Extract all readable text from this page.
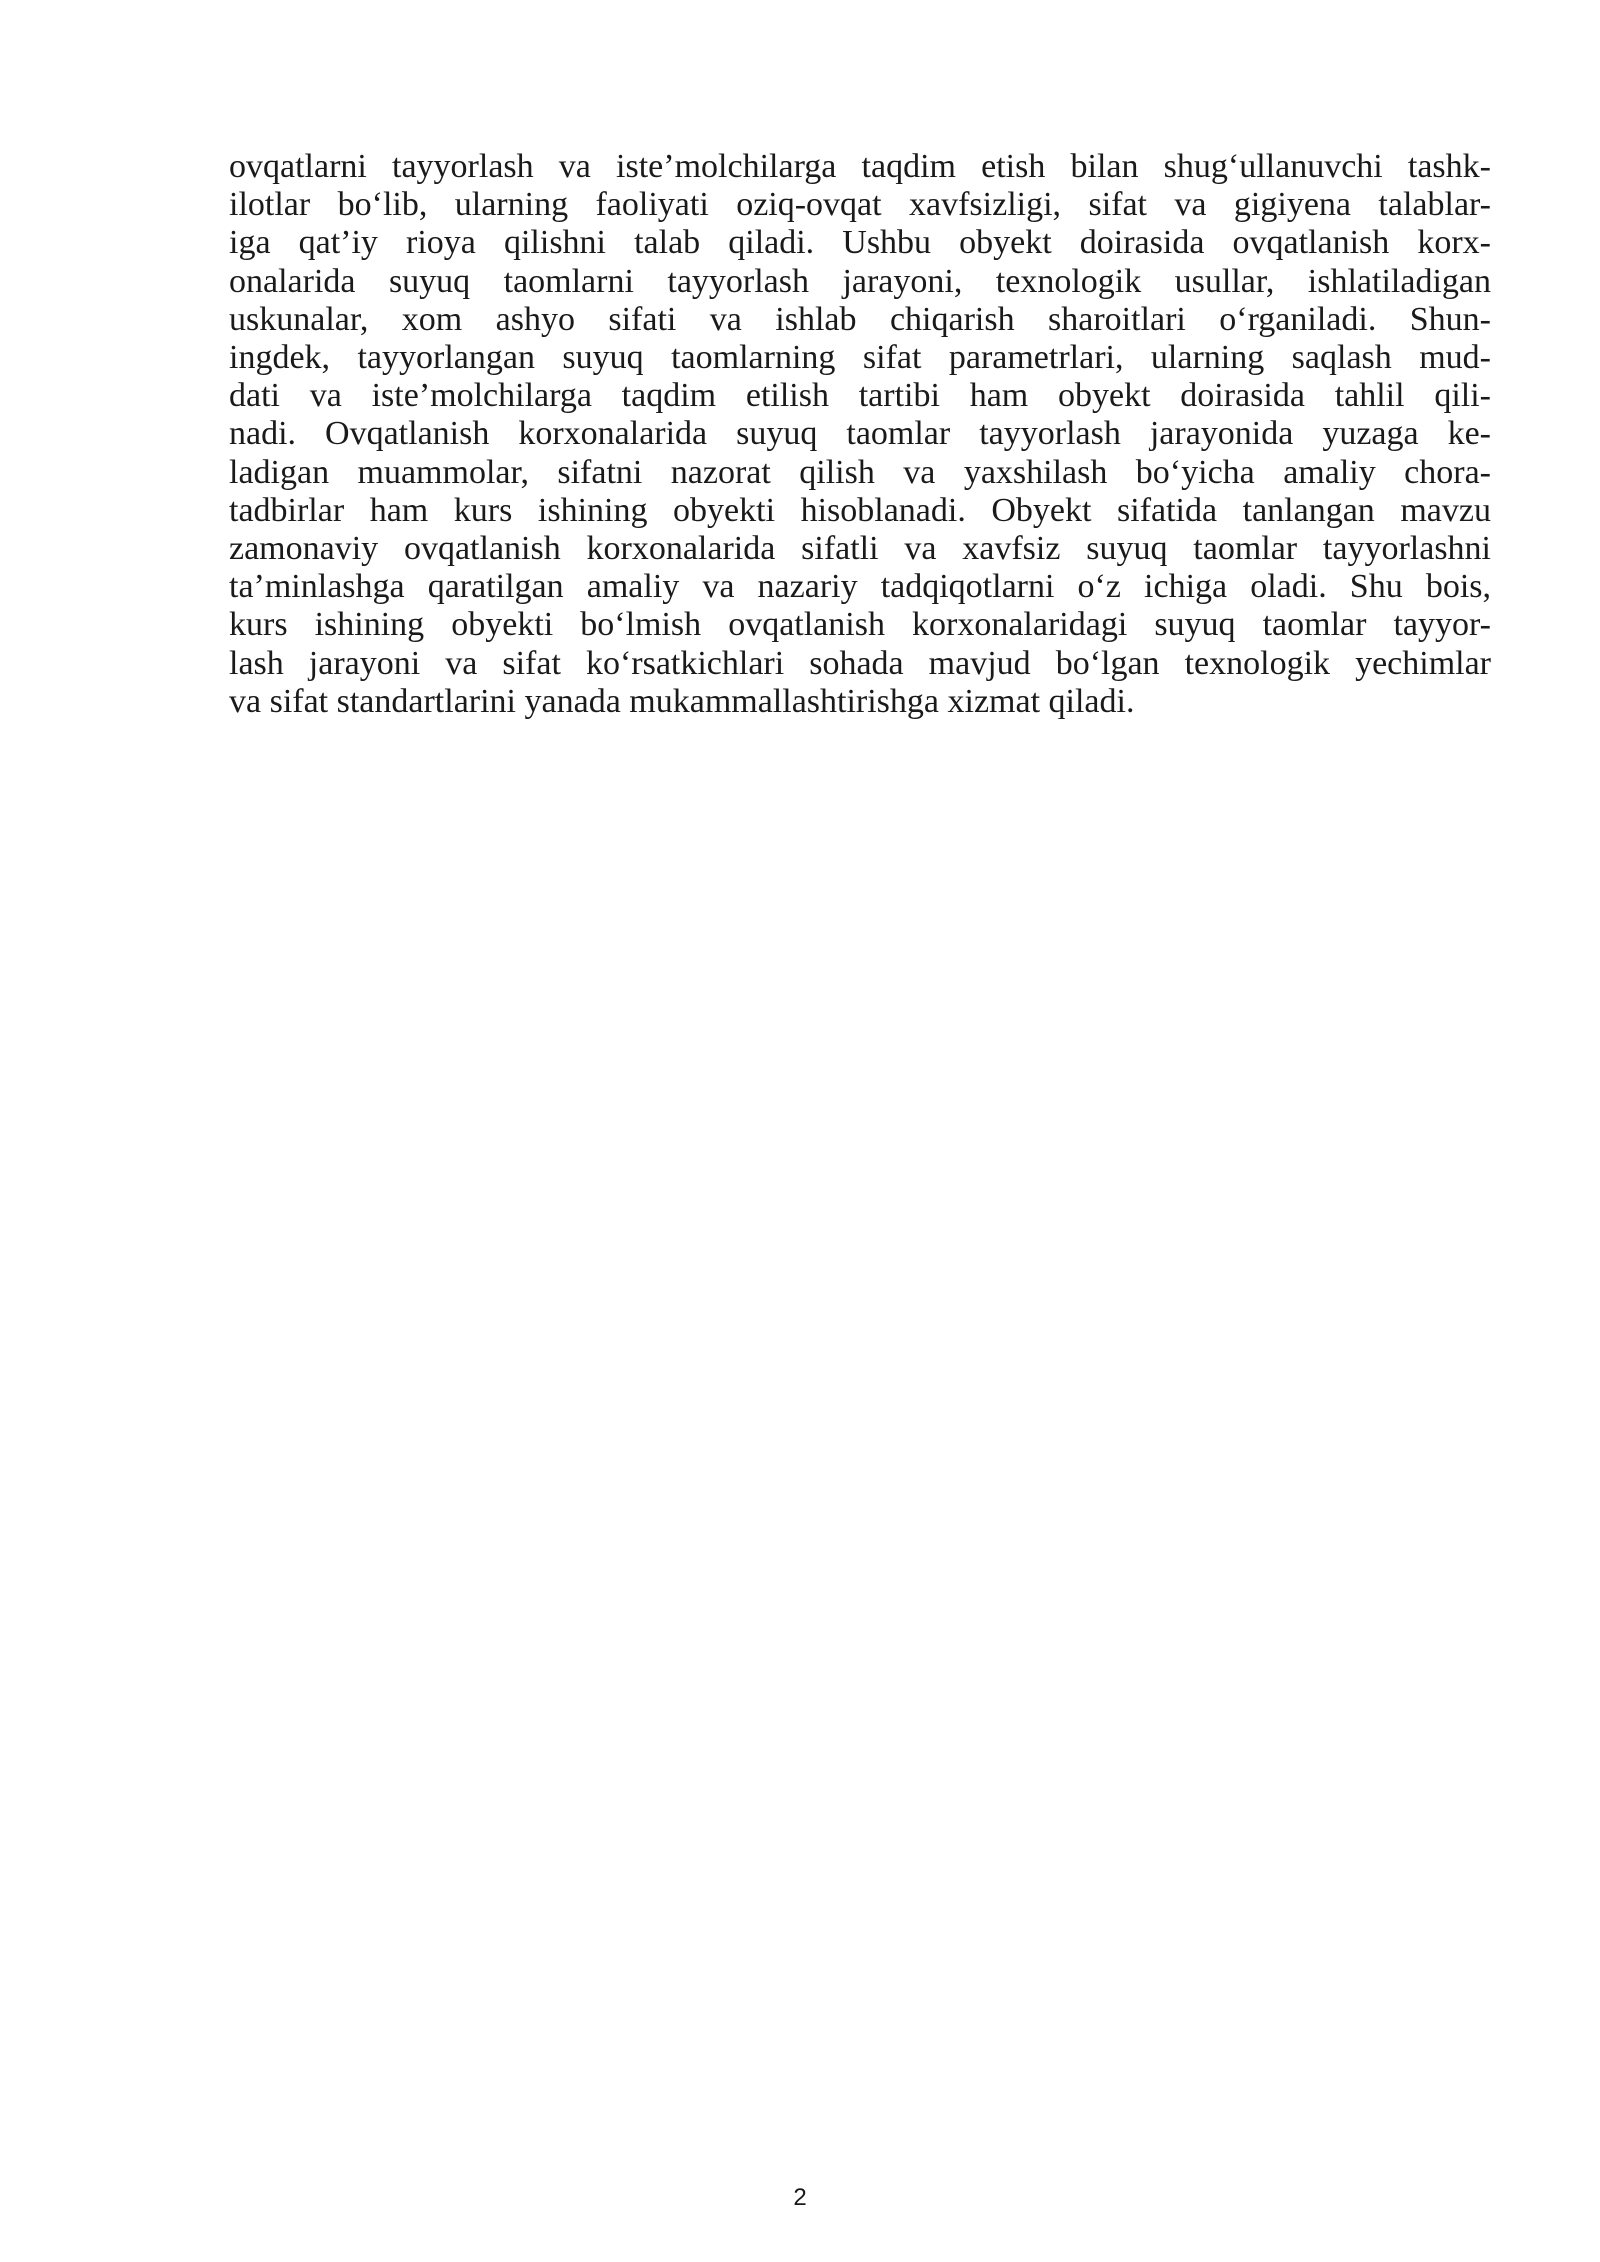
ovqatlarni tayyorlash va iste’molchilarga taqdim etish bilan shug‘ullanuvchi tashk-
ilotlar bo‘lib, ularning faoliyati oziq-ovqat xavfsizligi, sifat va gigiyena talablar-
iga qat’iy rioya qilishni talab qiladi. Ushbu obyekt doirasida ovqatlanish korx-
onalarida suyuq taomlarni tayyorlash jarayoni, texnologik usullar, ishlatiladigan
uskunalar, xom ashyo sifati va ishlab chiqarish sharoitlari o‘rganiladi. Shun-
ingdek, tayyorlangan suyuq taomlarning sifat parametrlari, ularning saqlash mud-
dati va iste’molchilarga taqdim etilish tartibi ham obyekt doirasida tahlil qili-
nadi. Ovqatlanish korxonalarida suyuq taomlar tayyorlash jarayonida yuzaga ke-
ladigan muammolar, sifatni nazorat qilish va yaxshilash bo‘yicha amaliy chora-
tadbirlar ham kurs ishining obyekti hisoblanadi. Obyekt sifatida tanlangan mavzu
zamonaviy ovqatlanish korxonalarida sifatli va xavfsiz suyuq taomlar tayyorlashni
ta’minlashga qaratilgan amaliy va nazariy tadqiqotlarni o‘z ichiga oladi. Shu bois,
kurs ishining obyekti bo‘lmish ovqatlanish korxonalaridagi suyuq taomlar tayyor-
lash jarayoni va sifat ko‘rsatkichlari sohada mavjud bo‘lgan texnologik yechimlar
va sifat standartlarini yanada mukammallashtirishga xizmat qiladi.

2
